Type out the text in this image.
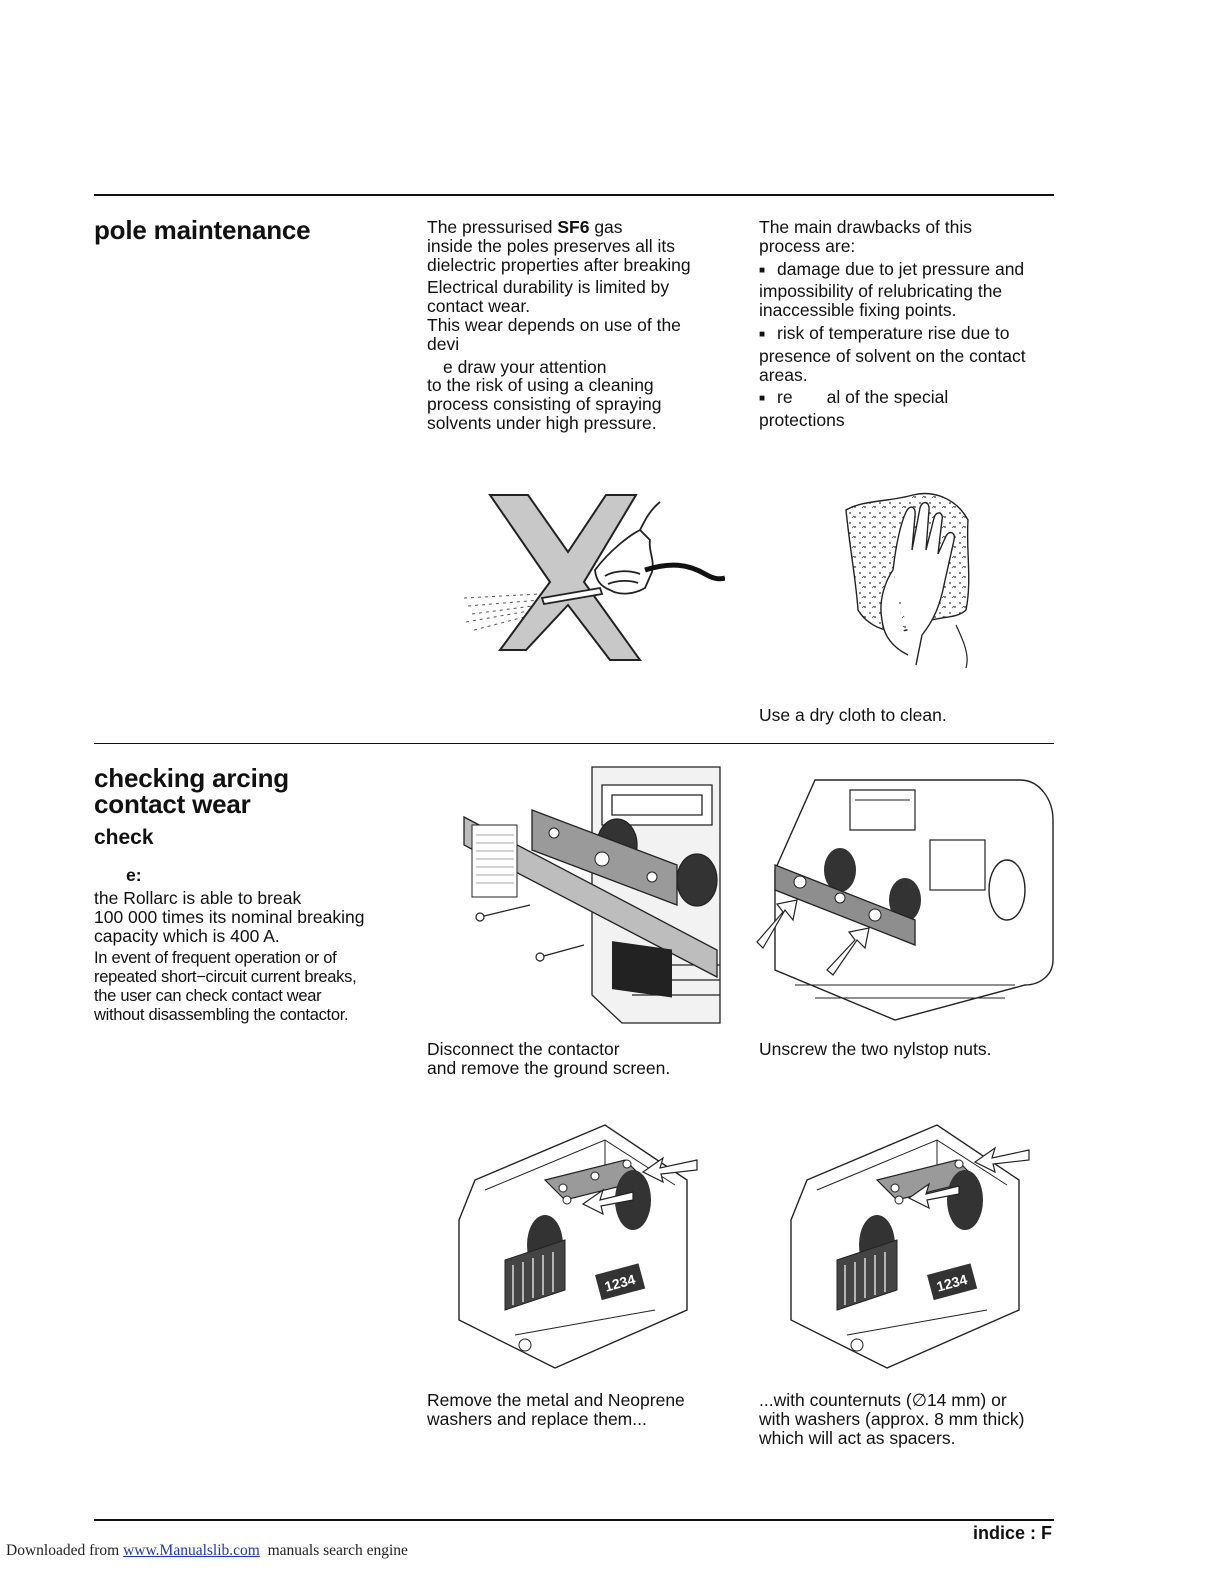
pole maintenance	The pressurised SF6 gas
inside the poles preserves all its
dielectric properties after breaking

Electrical durability is limited by
contact wear.
This wear depends on use of the
devi

e draw your attention
to the risk of using a cleaning
process consisting of spraying
solvents under high pressure.

The main drawbacks of this
process are:

■ damage due to jet pressure and
impossibility of relubricating the
inaccessible fixing points.

■ risk of temperature rise due to
presence of solvent on the contact
areas.

■ re       al of the special
protections

Use a dry cloth to clean.
checking arcing
contact wear
check
e:

the Rollarc is able to break
100 000 times its nominal breaking
capacity which is 400 A.

In event of frequent operation or of
repeated short−circuit current breaks,
the user can check contact wear
without disassembling the contactor.

Disconnect the contactor
and remove the ground screen.
Unscrew the two nylstop nuts.
1234	1234
Remove the metal and Neoprene
washers and replace them...
...with counternuts (∅14 mm) or
with washers (approx. 8 mm thick)
which will act as spacers.
indice : F
Downloaded from www.Manualslib.com  manuals search engine
